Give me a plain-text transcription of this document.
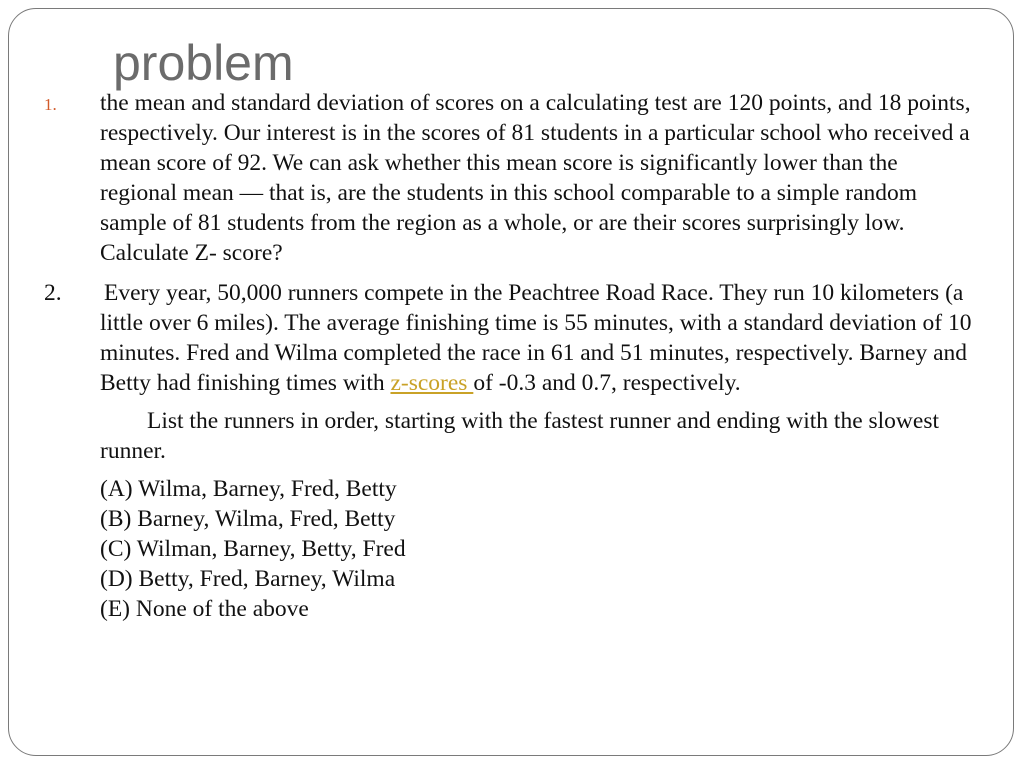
problem
1. the mean and standard deviation of scores on a calculating test are 120 points, and 18 points, respectively. Our interest is in the scores of 81 students in a particular school who received a mean score of 92. We can ask whether this mean score is significantly lower than the regional mean — that is, are the students in this school comparable to a simple random sample of 81 students from the region as a whole, or are their scores surprisingly low. Calculate Z- score?

2. Every year, 50,000 runners compete in the Peachtree Road Race. They run 10 kilometers (a little over 6 miles). The average finishing time is 55 minutes, with a standard deviation of 10 minutes. Fred and Wilma completed the race in 61 and 51 minutes, respectively. Barney and Betty had finishing times with z-scores of -0.3 and 0.7, respectively.

List the runners in order, starting with the fastest runner and ending with the slowest runner.

(A) Wilma, Barney, Fred, Betty
(B) Barney, Wilma, Fred, Betty
(C) Wilman, Barney, Betty, Fred
(D) Betty, Fred, Barney, Wilma
(E) None of the above
